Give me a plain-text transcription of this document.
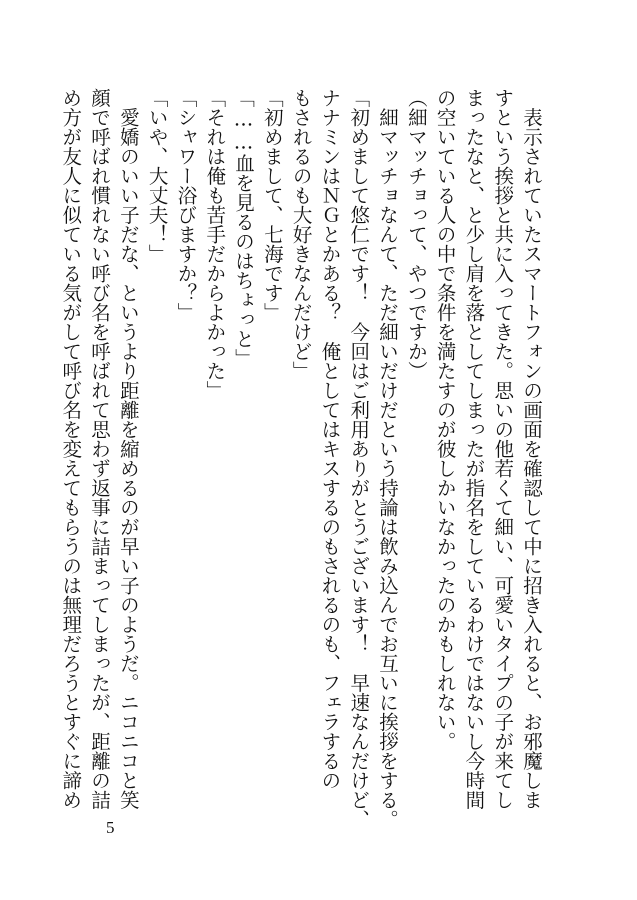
　表示されていたスマートフォンの画面を確認して中に招き入れると、お邪魔しま

すという挨拶と共に入ってきた。思いの他若くて細い、可愛いタイプの子が来てし

まったなと、と少し肩を落としてしまったが指名をしているわけではないし今時間

の空いている人の中で条件を満たすのが彼しかいなかったのかもしれない。

（細マッチョって、やつですか）

　細マッチョなんて、ただ細いだけだという持論は飲み込んでお互いに挨拶をする。

「初めまして悠仁です！　今回はご利用ありがとうございます！　早速なんだけど、

ナナミンはＮＧとかある？　俺としてはキスするのもされるのも、フェラするの

もされるのも大好きなんだけど」

「初めまして、七海です」

「……血を見るのはちょっと」

「それは俺も苦手だからよかった」

「シャワー浴びますか？」

「いや、大丈夫！」

　愛嬌のいい子だな、というより距離を縮めるのが早い子のようだ。ニコニコと笑

顔で呼ばれ慣れない呼び名を呼ばれて思わず返事に詰まってしまったが、距離の詰

め方が友人に似ている気がして呼び名を変えてもらうのは無理だろうとすぐに諦め

5
